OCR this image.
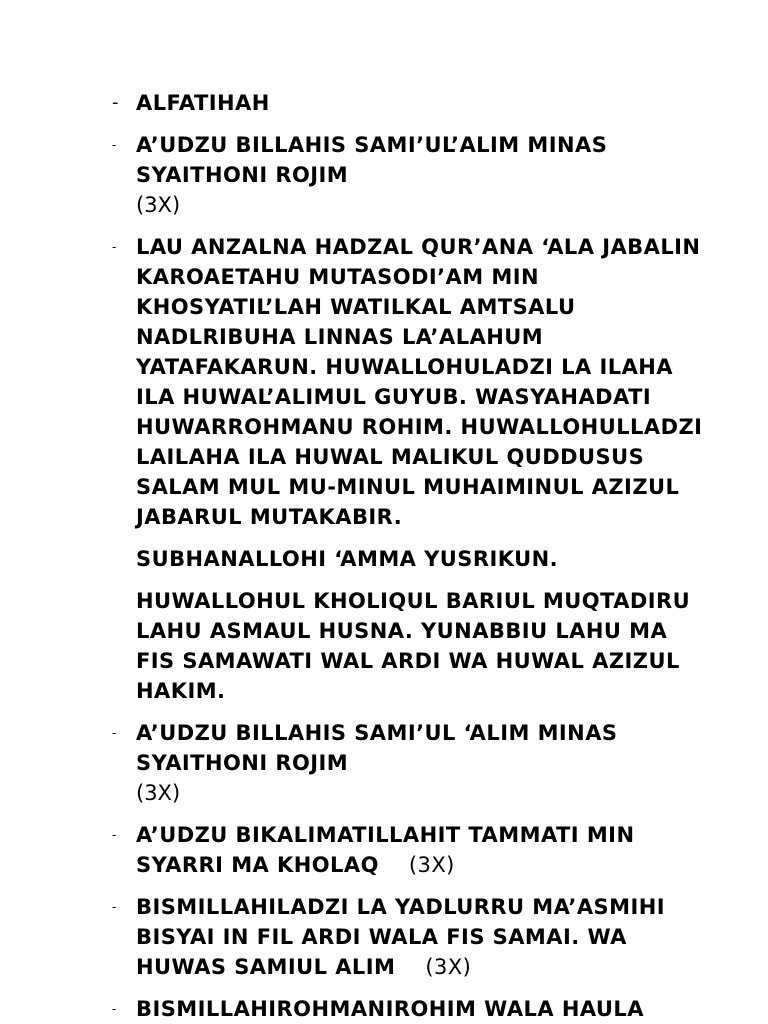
- ALFATIHAH
- A’UDZU BILLAHIS SAMI’UL’ALIM MINAS
SYAITHONI ROJIM
(3X)
- LAU ANZALNA HADZAL QUR’ANA ‘ALA JABALIN
KAROAETAHU MUTASODI’AM MIN
KHOSYATIL’LAH WATILKAL AMTSALU
NADLRIBUHA LINNAS LA’ALAHUM
YATAFAKARUN. HUWALLOHULADZI LA ILAHA
ILA HUWAL’ALIMUL GUYUB. WASYAHADATI
HUWARROHMANU ROHIM. HUWALLOHULLADZI
LAILAHA ILA HUWAL MALIKUL QUDDUSUS
SALAM MUL MU-MINUL MUHAIMINUL AZIZUL
JABARUL MUTAKABIR.
SUBHANALLOHI ‘AMMA YUSRIKUN.
HUWALLOHUL KHOLIQUL BARIUL MUQTADIRU
LAHU ASMAUL HUSNA. YUNABBIU LAHU MA
FIS SAMAWATI WAL ARDI WA HUWAL AZIZUL
HAKIM.
- A’UDZU BILLAHIS SAMI’UL ‘ALIM MINAS
SYAITHONI ROJIM
(3X)
- A’UDZU BIKALIMATILLAHIT TAMMATI MIN
SYARRI MA KHOLAQ (3X)
- BISMILLAHILADZI LA YADLURRU MA’ASMIHI
BISYAI IN FIL ARDI WALA FIS SAMAI. WA
HUWAS SAMIUL ALIM (3X)
- BISMILLAHIROHMANIROHIM WALA HAULA
